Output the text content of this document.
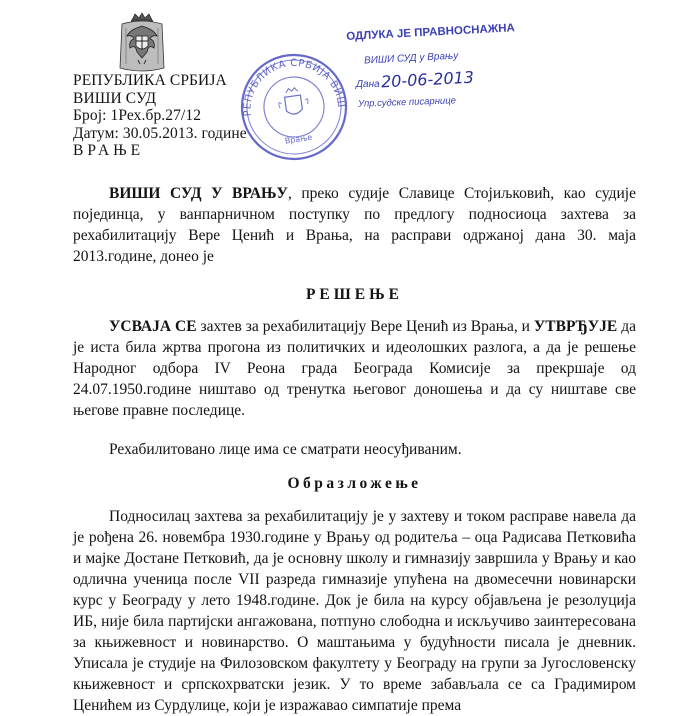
РЕПУБЛИКА СРБИЈА
ВИШИ СУД
Број: 1Рех.бр.27/12
Датум: 30.05.2013. године
ВРАЊЕ
РЕПУБЛИКА СРБИЈА ВИШИ
Врање
ОДЛУКА ЈЕ ПРАВНОСНАЖНА
ВИШИ СУД у Врању
Дана 20-06-2013
Упр.судске писарнице

ВИШИ СУД У ВРАЊУ, преко судије Славице Стојиљковић, као судије појединца, у ванпарничном поступку по предлогу подносиоца захтева за рехабилитацију Вере Ценић и Врања, на расправи одржаној дана 30. маја 2013.године, донео је

РЕШЕЊЕ

УСВАЈА СЕ захтев за рехабилитацију Вере Ценић из Врања, и УТВРЂУЈЕ да је иста била жртва прогона из политичких и идеолошких разлога, а да је решење Народног одбора IV Реона града Београда Комисије за прекршаје од 24.07.1950.године ништаво од тренутка његовог доношења и да су ништаве све његове правне последице.

Рехабилитовано лице има се сматрати неосуђиваним.

Образложење

Подносилац захтева за рехабилитацију је у захтеву и током расправе навела да је рођена 26. новембра 1930.године у Врању од родитеља – оца Радисава Петковића и мајке Достане Петковић, да је основну школу и гимназију завршила у Врању и као одлична ученица после VII разреда гимназије упућена на двомесечни новинарски курс у Београду у лето 1948.године. Док је била на курсу објављена је резолуција ИБ, није била партијски ангажована, потпуно слободна и искључиво заинтересована за књижевност и новинарство. О маштањима у будућности писала је дневник. Уписала је студије на Филозовском факултету у Београду на групи за Југословенску књижевност и српскохрватски језик. У то време забављала се са Градимиром Ценићем из Сурдулице, који је изражавао симпатије према
